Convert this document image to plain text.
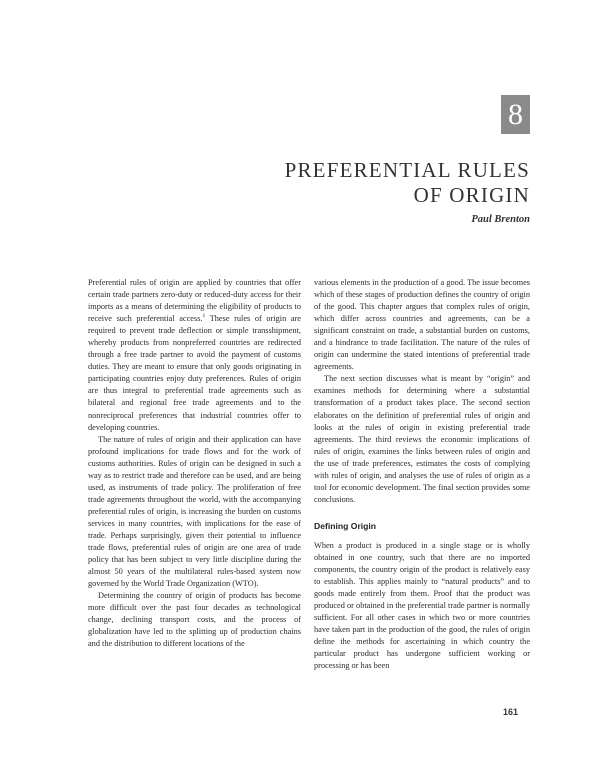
8
PREFERENTIAL RULES
OF ORIGIN
Paul Brenton

Preferential rules of origin are applied by countries that offer certain trade partners zero-duty or reduced-duty access for their imports as a means of determining the eligibility of products to receive such preferential access.$^1$ These rules of origin are required to prevent trade deflection or simple transshipment, whereby products from nonpreferred countries are redirected through a free trade partner to avoid the payment of customs duties. They are meant to ensure that only goods originating in participating countries enjoy duty preferences. Rules of origin are thus integral to preferential trade agreements such as bilateral and regional free trade agreements and to the nonreciprocal preferences that industrial countries offer to developing countries.

The nature of rules of origin and their application can have profound implications for trade flows and for the work of customs authorities. Rules of origin can be designed in such a way as to restrict trade and therefore can be used, and are being used, as instruments of trade policy. The proliferation of free trade agreements throughout the world, with the accompanying preferential rules of origin, is increasing the burden on customs services in many countries, with implications for the ease of trade. Perhaps surprisingly, given their potential to influence trade flows, preferential rules of origin are one area of trade policy that has been subject to very little discipline during the almost 50 years of the multilateral rules-based system now governed by the World Trade Organization (WTO).

Determining the country of origin of products has become more difficult over the past four decades as technological change, declining transport costs, and the process of globalization have led to the splitting up of production chains and the distribution to different locations of the

various elements in the production of a good. The issue becomes which of these stages of production defines the country of origin of the good. This chapter argues that complex rules of origin, which differ across countries and agreements, can be a significant constraint on trade, a substantial burden on customs, and a hindrance to trade facilitation. The nature of the rules of origin can undermine the stated intentions of preferential trade agreements.

The next section discusses what is meant by “origin” and examines methods for determining where a substantial transformation of a product takes place. The second section elaborates on the definition of preferential rules of origin and looks at the rules of origin in existing preferential trade agreements. The third reviews the economic implications of rules of origin, examines the links between rules of origin and the use of trade preferences, estimates the costs of complying with rules of origin, and analyses the use of rules of origin as a tool for economic development. The final section provides some conclusions.

Defining Origin

When a product is produced in a single stage or is wholly obtained in one country, such that there are no imported components, the country origin of the product is relatively easy to establish. This applies mainly to “natural products” and to goods made entirely from them. Proof that the product was produced or obtained in the preferential trade partner is normally sufficient. For all other cases in which two or more countries have taken part in the production of the good, the rules of origin define the methods for ascertaining in which country the particular product has undergone sufficient working or processing or has been

161
